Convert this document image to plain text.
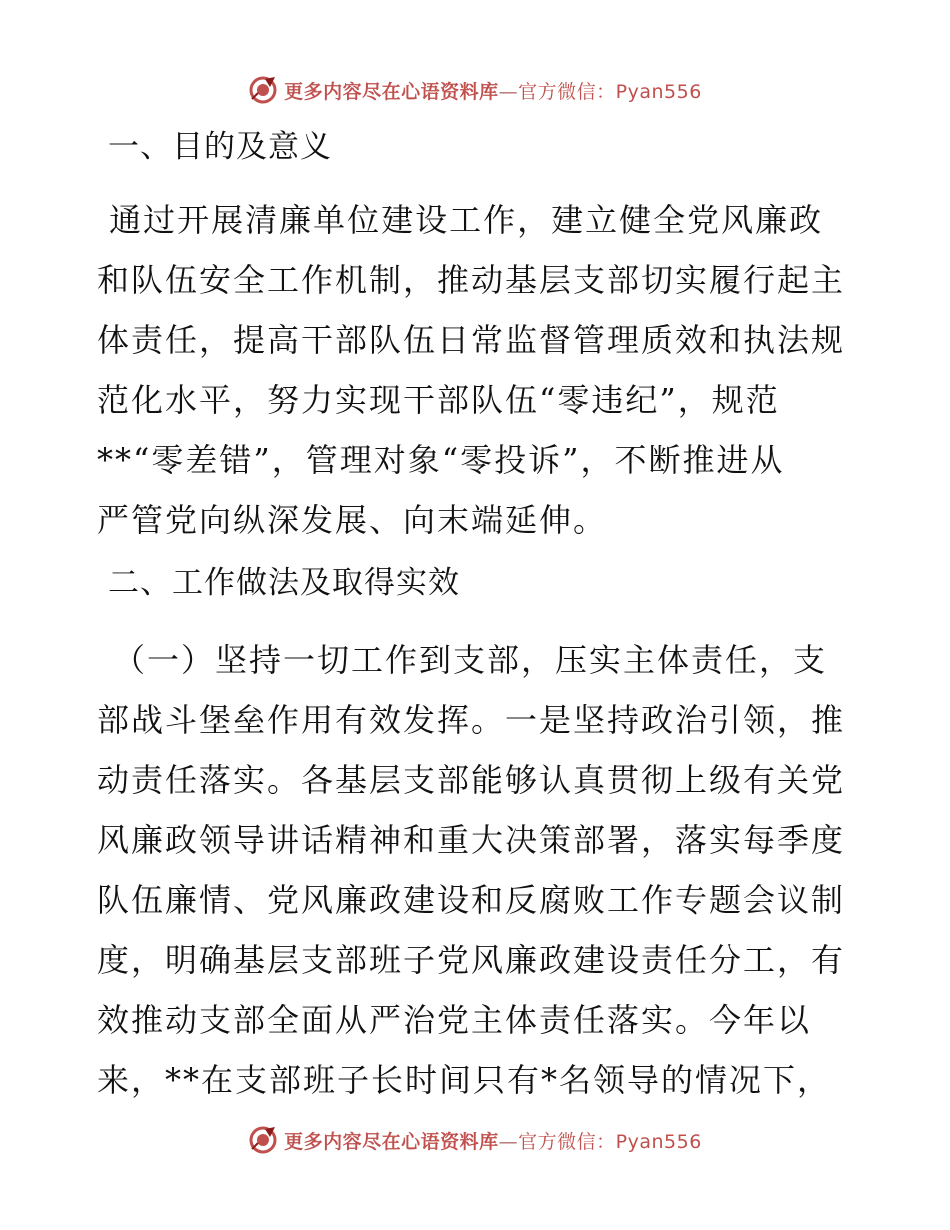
更多内容尽在心语资料库—官方微信：Pyan556
一、目的及意义
通过开展清廉单位建设工作，建立健全党风廉政
和队伍安全工作机制，推动基层支部切实履行起主
体责任，提高干部队伍日常监督管理质效和执法规
范化水平，努力实现干部队伍“零违纪”，规范
**“零差错”，管理对象“零投诉”，不断推进从
严管党向纵深发展、向末端延伸。
二、工作做法及取得实效
（一）坚持一切工作到支部，压实主体责任，支
部战斗堡垒作用有效发挥。一是坚持政治引领，推
动责任落实。各基层支部能够认真贯彻上级有关党
风廉政领导讲话精神和重大决策部署，落实每季度
队伍廉情、党风廉政建设和反腐败工作专题会议制
度，明确基层支部班子党风廉政建设责任分工，有
效推动支部全面从严治党主体责任落实。今年以
来，**在支部班子长时间只有*名领导的情况下，
更多内容尽在心语资料库—官方微信：Pyan556
